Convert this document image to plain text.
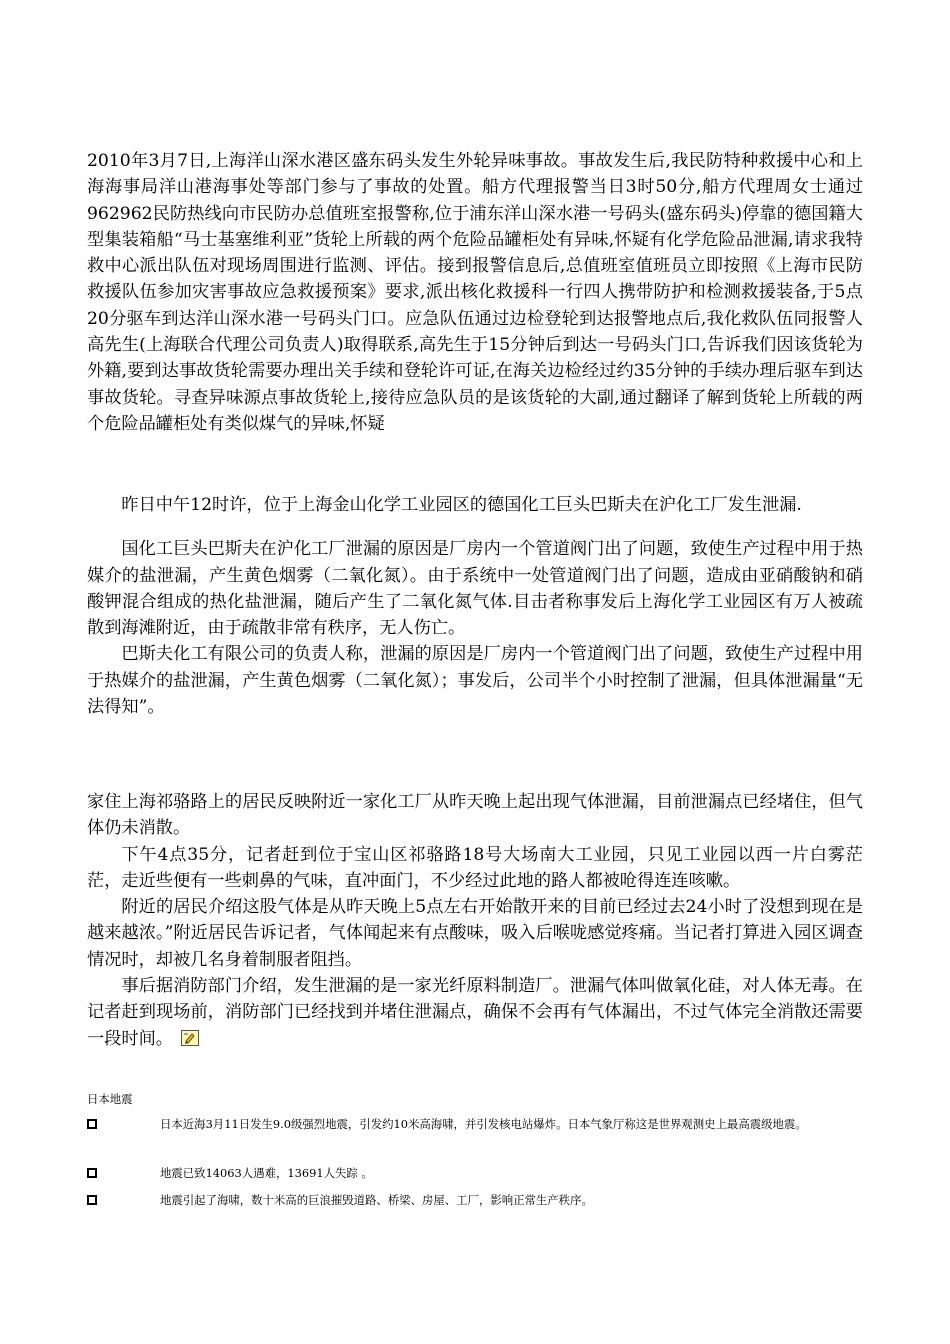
2010年3月7日,上海洋山深水港区盛东码头发生外轮异味事故。事故发生后,我民防特种救援中心和上海海事局洋山港海事处等部门参与了事故的处置。船方代理报警当日3时50分,船方代理周女士通过962962民防热线向市民防办总值班室报警称,位于浦东洋山深水港一号码头(盛东码头)停靠的德国籍大型集装箱船“马士基塞维利亚”货轮上所载的两个危险品罐柜处有异味,怀疑有化学危险品泄漏,请求我特救中心派出队伍对现场周围进行监测、评估。接到报警信息后,总值班室值班员立即按照《上海市民防救援队伍参加灾害事故应急救援预案》要求,派出核化救援科一行四人携带防护和检测救援装备,于5点20分驱车到达洋山深水港一号码头门口。应急队伍通过边检登轮到达报警地点后,我化救队伍同报警人高先生(上海联合代理公司负责人)取得联系,高先生于15分钟后到达一号码头门口,告诉我们因该货轮为外籍,要到达事故货轮需要办理出关手续和登轮许可证,在海关边检经过约35分钟的手续办理后驱车到达事故货轮。寻查异味源点事故货轮上,接待应急队员的是该货轮的大副,通过翻译了解到货轮上所载的两个危险品罐柜处有类似煤气的异味,怀疑

昨日中午12时许，位于上海金山化学工业园区的德国化工巨头巴斯夫在沪化工厂发生泄漏.

国化工巨头巴斯夫在沪化工厂泄漏的原因是厂房内一个管道阀门出了问题，致使生产过程中用于热媒介的盐泄漏，产生黄色烟雾（二氧化氮）。由于系统中一处管道阀门出了问题，造成由亚硝酸钠和硝酸钾混合组成的热化盐泄漏，随后产生了二氧化氮气体.目击者称事发后上海化学工业园区有万人被疏散到海滩附近，由于疏散非常有秩序，无人伤亡。

巴斯夫化工有限公司的负责人称，泄漏的原因是厂房内一个管道阀门出了问题，致使生产过程中用于热媒介的盐泄漏，产生黄色烟雾（二氧化氮）；事发后，公司半个小时控制了泄漏，但具体泄漏量“无法得知”。

家住上海祁骆路上的居民反映附近一家化工厂从昨天晚上起出现气体泄漏，目前泄漏点已经堵住，但气体仍未消散。

下午4点35分，记者赶到位于宝山区祁骆路18号大场南大工业园，只见工业园以西一片白雾茫茫，走近些便有一些刺鼻的气味，直冲面门，不少经过此地的路人都被呛得连连咳嗽。

附近的居民介绍这股气体是从昨天晚上5点左右开始散开来的目前已经过去24小时了没想到现在是越来越浓。”附近居民告诉记者，气体闻起来有点酸味，吸入后喉咙感觉疼痛。当记者打算进入园区调查情况时，却被几名身着制服者阻挡。

事后据消防部门介绍，发生泄漏的是一家光纤原料制造厂。泄漏气体叫做氧化硅，对人体无毒。在记者赶到现场前，消防部门已经找到并堵住泄漏点，确保不会再有气体漏出，不过气体完全消散还需要一段时间。

日本地震
日本近海3月11日发生9.0级强烈地震，引发约10米高海啸，并引发核电站爆炸。日本气象厅称这是世界观测史上最高震级地震。
地震已致14063人遇难，13691人失踪 。
地震引起了海啸，数十米高的巨浪摧毁道路、桥梁、房屋、工厂，影响正常生产秩序。
